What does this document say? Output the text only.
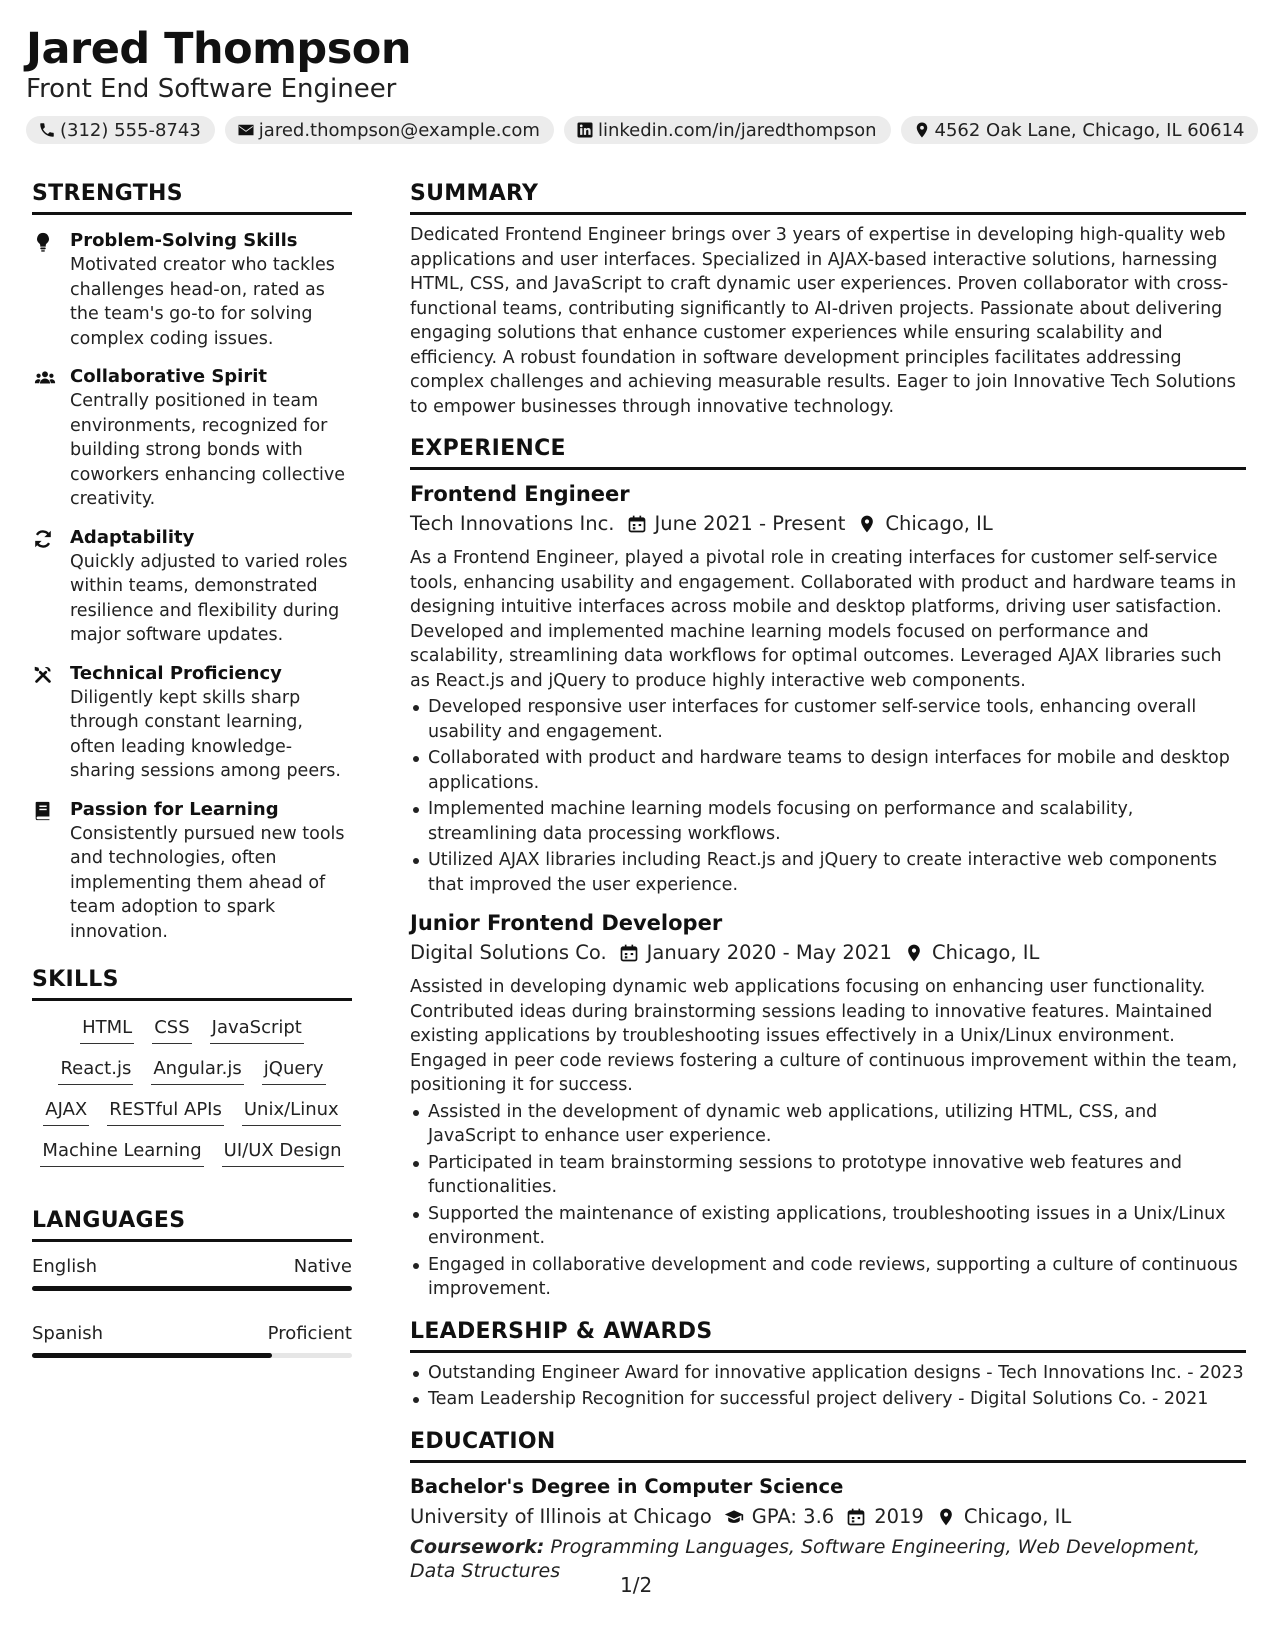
Jared Thompson
Front End Software Engineer
(312) 555-8743	jared.thompson@example.com	linkedin.com/in/jaredthompson	4562 Oak Lane, Chicago, IL 60614
STRENGTHS
Problem-Solving Skills
Motivated creator who tackles challenges head-on, rated as the team's go-to for solving complex coding issues.
Collaborative Spirit
Centrally positioned in team environments, recognized for building strong bonds with coworkers enhancing collective creativity.
Adaptability
Quickly adjusted to varied roles within teams, demonstrated resilience and flexibility during major software updates.
Technical Proficiency
Diligently kept skills sharp through constant learning, often leading knowledge-sharing sessions among peers.
Passion for Learning
Consistently pursued new tools and technologies, often implementing them ahead of team adoption to spark innovation.
SKILLS
HTML CSS JavaScript
React.js Angular.js jQuery
AJAX RESTful APIs Unix/Linux
Machine Learning UI/UX Design
LANGUAGES
English	Native
Spanish	Proficient
SUMMARY
Dedicated Frontend Engineer brings over 3 years of expertise in developing high-quality web applications and user interfaces. Specialized in AJAX-based interactive solutions, harnessing HTML, CSS, and JavaScript to craft dynamic user experiences. Proven collaborator with cross-functional teams, contributing significantly to AI-driven projects. Passionate about delivering engaging solutions that enhance customer experiences while ensuring scalability and efficiency. A robust foundation in software development principles facilitates addressing complex challenges and achieving measurable results. Eager to join Innovative Tech Solutions to empower businesses through innovative technology.
EXPERIENCE
Frontend Engineer
Tech Innovations Inc. June 2021 - Present Chicago, IL
As a Frontend Engineer, played a pivotal role in creating interfaces for customer self-service tools, enhancing usability and engagement. Collaborated with product and hardware teams in designing intuitive interfaces across mobile and desktop platforms, driving user satisfaction. Developed and implemented machine learning models focused on performance and scalability, streamlining data workflows for optimal outcomes. Leveraged AJAX libraries such as React.js and jQuery to produce highly interactive web components.
Developed responsive user interfaces for customer self-service tools, enhancing overall usability and engagement.
Collaborated with product and hardware teams to design interfaces for mobile and desktop applications.
Implemented machine learning models focusing on performance and scalability, streamlining data processing workflows.
Utilized AJAX libraries including React.js and jQuery to create interactive web components that improved the user experience.
Junior Frontend Developer
Digital Solutions Co. January 2020 - May 2021 Chicago, IL
Assisted in developing dynamic web applications focusing on enhancing user functionality. Contributed ideas during brainstorming sessions leading to innovative features. Maintained existing applications by troubleshooting issues effectively in a Unix/Linux environment. Engaged in peer code reviews fostering a culture of continuous improvement within the team, positioning it for success.
Assisted in the development of dynamic web applications, utilizing HTML, CSS, and JavaScript to enhance user experience.
Participated in team brainstorming sessions to prototype innovative web features and functionalities.
Supported the maintenance of existing applications, troubleshooting issues in a Unix/Linux environment.
Engaged in collaborative development and code reviews, supporting a culture of continuous improvement.
LEADERSHIP & AWARDS
Outstanding Engineer Award for innovative application designs - Tech Innovations Inc. - 2023
Team Leadership Recognition for successful project delivery - Digital Solutions Co. - 2021
EDUCATION
Bachelor's Degree in Computer Science
University of Illinois at Chicago GPA: 3.6 2019 Chicago, IL
Coursework: Programming Languages, Software Engineering, Web Development, Data Structures
1/2
